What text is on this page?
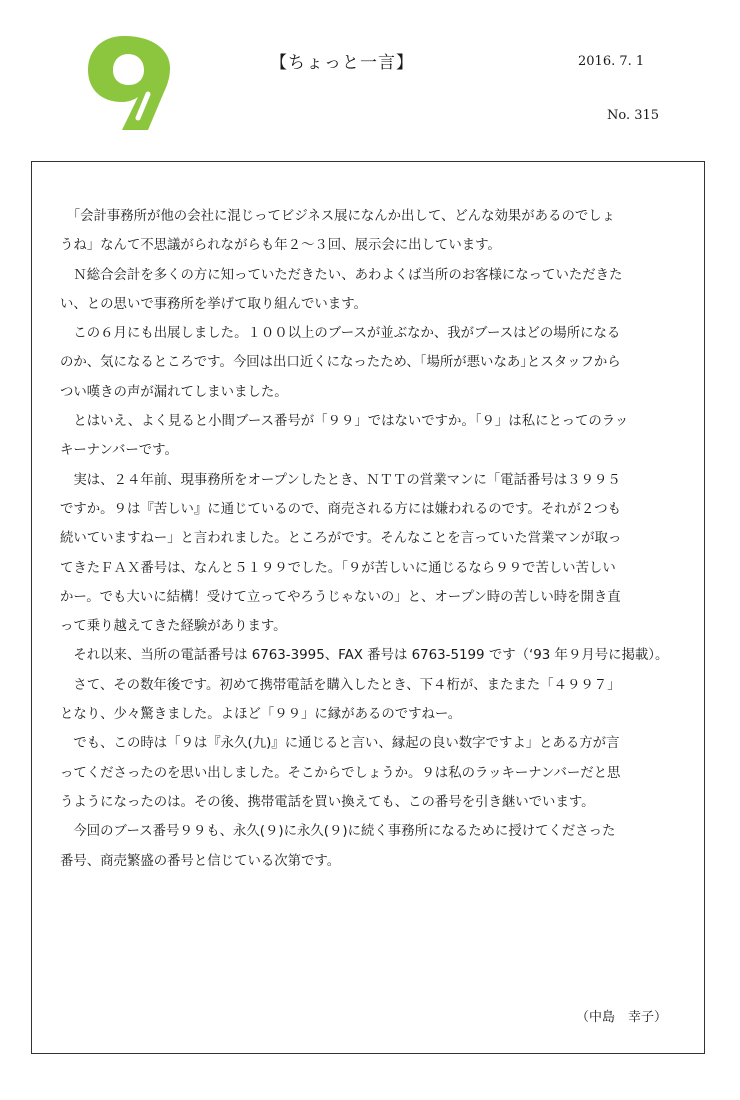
【ちょっと一言】	2016. 7. 1
No. 315

「会計事務所が他の会社に混じってビジネス展になんか出して、どんな効果があるのでしょ
うね」なんて不思議がられながらも年２～３回、展示会に出しています。

Ｎ総合会計を多くの方に知っていただきたい、あわよくば当所のお客様になっていただきた
い、との思いで事務所を挙げて取り組んでいます。

この６月にも出展しました。１００以上のブースが並ぶなか、我がブースはどの場所になる
のか、気になるところです。今回は出口近くになったため、｢場所が悪いなあ｣とスタッフから
つい嘆きの声が漏れてしまいました。

とはいえ、よく見ると小間ブース番号が「９９」ではないですか。「９」は私にとってのラッ
キーナンバーです。

実は、２４年前、現事務所をオープンしたとき、ＮＴＴの営業マンに「電話番号は３９９５
ですか。９は『苦しい』に通じているので、商売される方には嫌われるのです。それが２つも
続いていますねー」と言われました。ところがです。そんなことを言っていた営業マンが取っ
てきたＦＡＸ番号は、なんと５１９９でした。｢９が苦しいに通じるなら９９で苦しい苦しい
かー。でも大いに結構！受けて立ってやろうじゃないの」と、オープン時の苦しい時を開き直
って乗り越えてきた経験があります。

それ以来、当所の電話番号は 6763-3995、FAX 番号は 6763-5199 です（‘93 年９月号に掲載）。

さて、その数年後です。初めて携帯電話を購入したとき、下４桁が、またまた「４９９７」
となり、少々驚きました。よほど「９９」に縁があるのですねー。

でも、この時は「９は『永久(九)』に通じると言い、縁起の良い数字ですよ」とある方が言
ってくださったのを思い出しました。そこからでしょうか。９は私のラッキーナンバーだと思
うようになったのは。その後、携帯電話を買い換えても、この番号を引き継いでいます。

今回のブース番号９９も、永久(９)に永久(９)に続く事務所になるために授けてくださった
番号、商売繁盛の番号と信じている次第です。

（中島　幸子）
